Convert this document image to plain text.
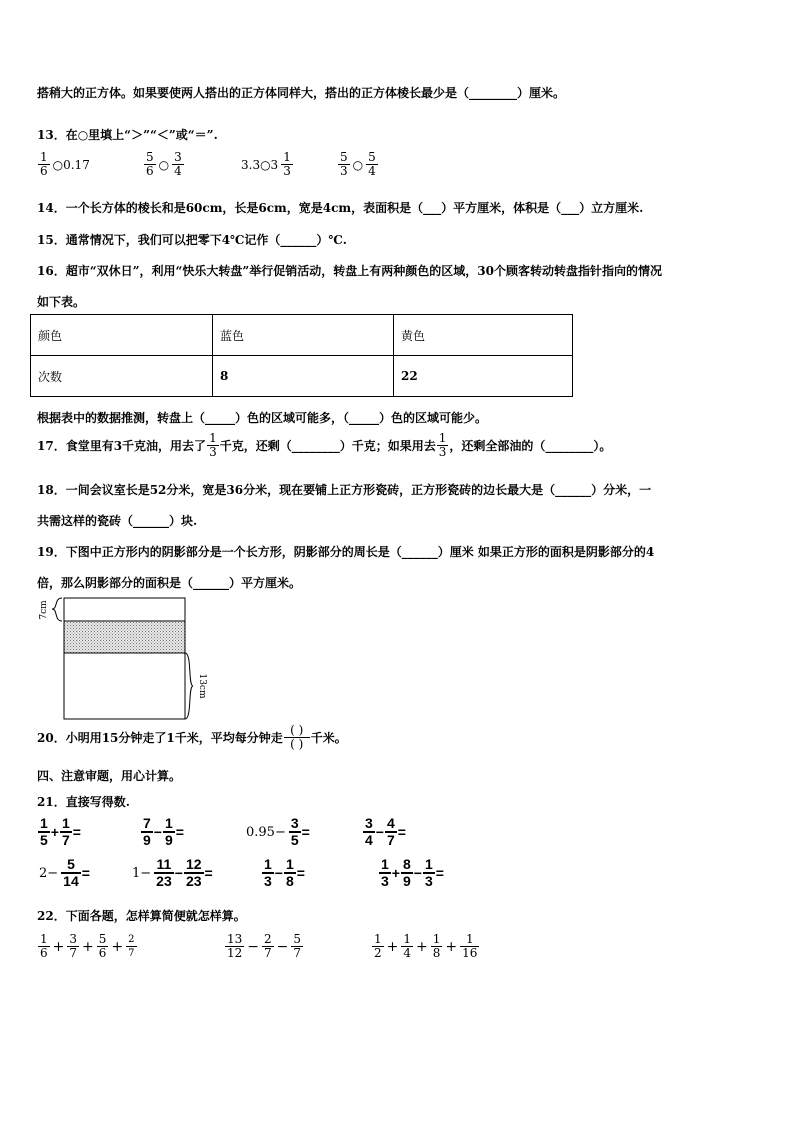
搭稍大的正方体。如果要使两人搭出的正方体同样大，搭出的正方体棱长最少是（________）厘米。
13．在○里填上“＞”“＜”或“＝”.
$\frac{1}{6}$ ○0.17	$\frac{5}{6}$ ○ $\frac{3}{4}$	3.3○3 $\frac{1}{3}$	$\frac{5}{3}$ ○ $\frac{5}{4}$
14．一个长方体的棱长和是60cm，长是6cm，宽是4cm，表面积是（___）平方厘米，体积是（___）立方厘米.
15．通常情况下，我们可以把零下4℃记作（______）℃.
16．超市“双休日”，利用“快乐大转盘”举行促销活动，转盘上有两种颜色的区域，30个顾客转动转盘指针指向的情况
如下表。
颜色	蓝色	黄色
次数	8	22
根据表中的数据推测，转盘上（_____）色的区域可能多，（_____）色的区域可能少。
17．食堂里有3千克油，用去了 $\frac{1}{3}$ 千克，还剩（________）千克；如果用去 $\frac{1}{3}$ ，还剩全部油的（________）。
18．一间会议室长是52分米，宽是36分米，现在要铺上正方形瓷砖，正方形瓷砖的边长最大是（______）分米，一
共需这样的瓷砖（______）块.
19．下图中正方形内的阴影部分是一个长方形，阴影部分的周长是（______）厘米 如果正方形的面积是阴影部分的4
倍，那么阴影部分的面积是（______）平方厘米。
7cm
13cm
20．小明用15分钟走了1千米，平均每分钟走 $\frac{( )}{( )}$ 千米。
四、注意审题，用心计算。
21．直接写得数.
$\frac{1}{5} + \frac{1}{7}$ =	$\frac{7}{9} - \frac{1}{9}$ =	$0.95- \frac{3}{5}$ =	$\frac{3}{4} - \frac{4}{7}$ =
$2- \frac{5}{14}$ =	$1- \frac{11}{23} - \frac{12}{23}$ =	$\frac{1}{3} - \frac{1}{8}$ =	$\frac{1}{3} + \frac{8}{9} - \frac{1}{3}$ =
22．下面各题，怎样算简便就怎样算。
$\frac{1}{6} + \frac{3}{7} + \frac{5}{6} + \frac{2}{7}$	$\frac{13}{12} - \frac{2}{7} - \frac{5}{7}$	$\frac{1}{2} + \frac{1}{4} + \frac{1}{8} + \frac{1}{16}$
